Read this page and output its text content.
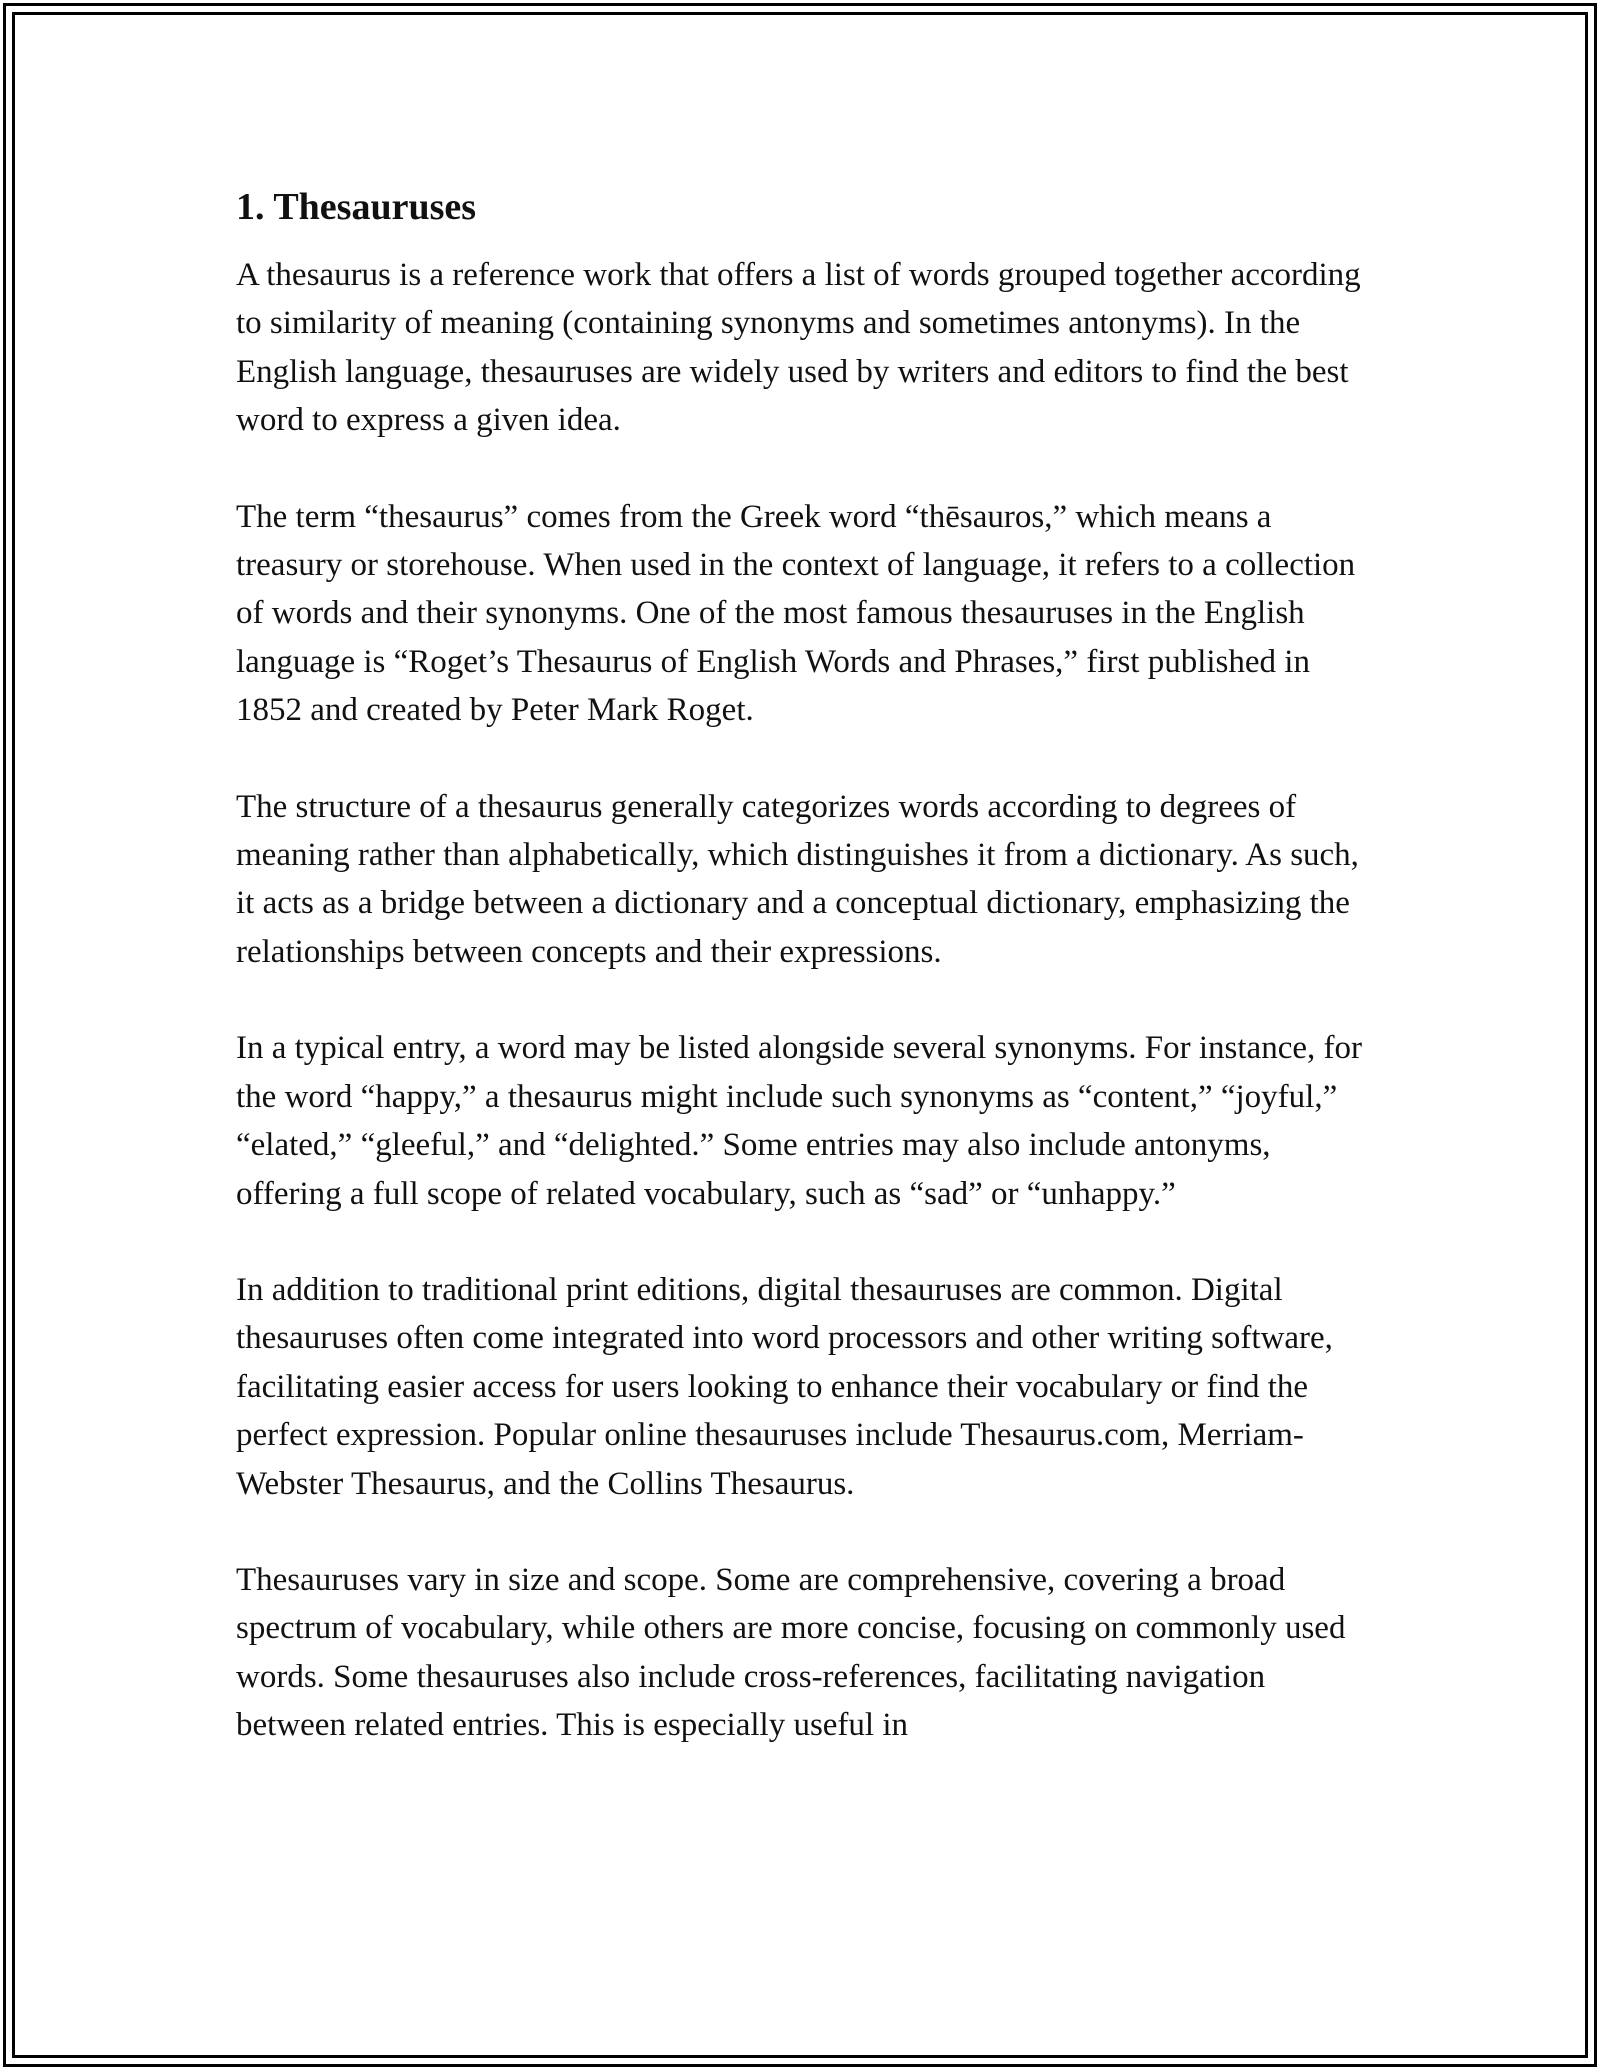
1. Thesauruses

A thesaurus is a reference work that offers a list of words grouped together according to similarity of meaning (containing synonyms and sometimes antonyms). In the English language, thesauruses are widely used by writers and editors to find the best word to express a given idea.

The term “thesaurus” comes from the Greek word “thēsauros,” which means a treasury or storehouse. When used in the context of language, it refers to a collection of words and their synonyms. One of the most famous thesauruses in the English language is “Roget’s Thesaurus of English Words and Phrases,” first published in 1852 and created by Peter Mark Roget.

The structure of a thesaurus generally categorizes words according to degrees of meaning rather than alphabetically, which distinguishes it from a dictionary. As such, it acts as a bridge between a dictionary and a conceptual dictionary, emphasizing the relationships between concepts and their expressions.

In a typical entry, a word may be listed alongside several synonyms. For instance, for the word “happy,” a thesaurus might include such synonyms as “content,” “joyful,” “elated,” “gleeful,” and “delighted.” Some entries may also include antonyms, offering a full scope of related vocabulary, such as “sad” or “unhappy.”

In addition to traditional print editions, digital thesauruses are common. Digital thesauruses often come integrated into word processors and other writing software, facilitating easier access for users looking to enhance their vocabulary or find the perfect expression. Popular online thesauruses include Thesaurus.com, Merriam-Webster Thesaurus, and the Collins Thesaurus.

Thesauruses vary in size and scope. Some are comprehensive, covering a broad spectrum of vocabulary, while others are more concise, focusing on commonly used words. Some thesauruses also include cross-references, facilitating navigation between related entries. This is especially useful in
